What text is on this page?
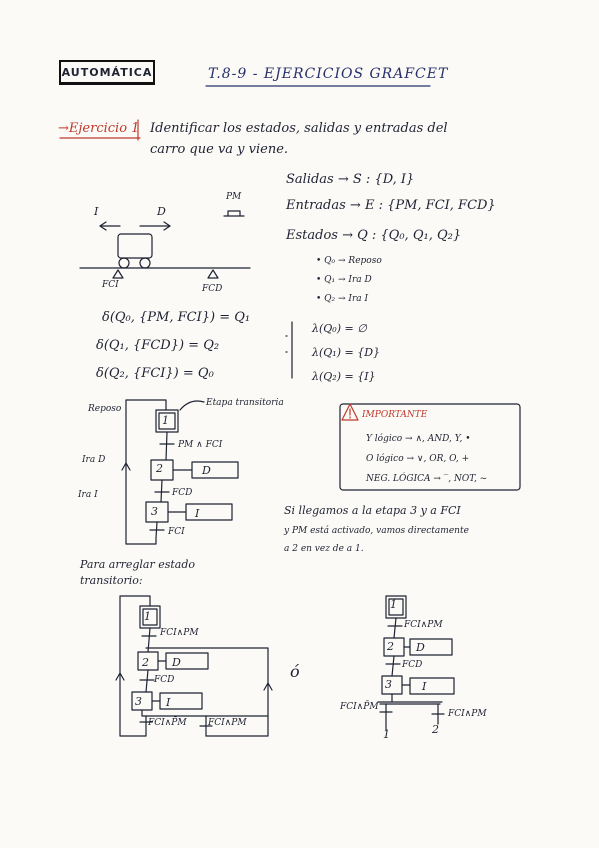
AUTOMÁTICA	T.8-9 - EJERCICIOS GRAFCET
→Ejercicio 1 Identificar los estados, salidas y entradas del
carro que va y viene.
Salidas → S : {D, I}
Entradas → E : {PM, FCI, FCD}
Estados → Q : {Q₀, Q₁, Q₂}
• Q₀ → Reposo
• Q₁ → Ira D
• Q₂ → Ira I
δ(Q₀, {PM, FCI}) = Q₁
δ(Q₁, {FCD}) = Q₂
δ(Q₂, {FCI}) = Q₀
λ(Q₀) = ∅
λ(Q₁) = {D}
λ(Q₂) = {I}
I	D
PM
FCI	FCD
Reposo
Ira D
Ira I
Etapa transitoria
PM ∧ FCI
FCD
FCI
1
2
3
D
I
IMPORTANTE
Y lógico → ∧, AND, Y, •
O lógico → ∨, OR, O, +
NEG. LÓGICA → ‾, NOT, ~
Si llegamos a la etapa 3 y a FCI
y PM está activado, vamos directamente
a 2 en vez de a 1.
Para arreglar estado
transitorio:
1
2
3
D
I
FCI∧PM
FCD
FCI∧P̄M FCI∧PM
ó
1
2
3
D
I
FCI∧PM
FCD
FCI∧P̄M
FCI∧PM
1	2
